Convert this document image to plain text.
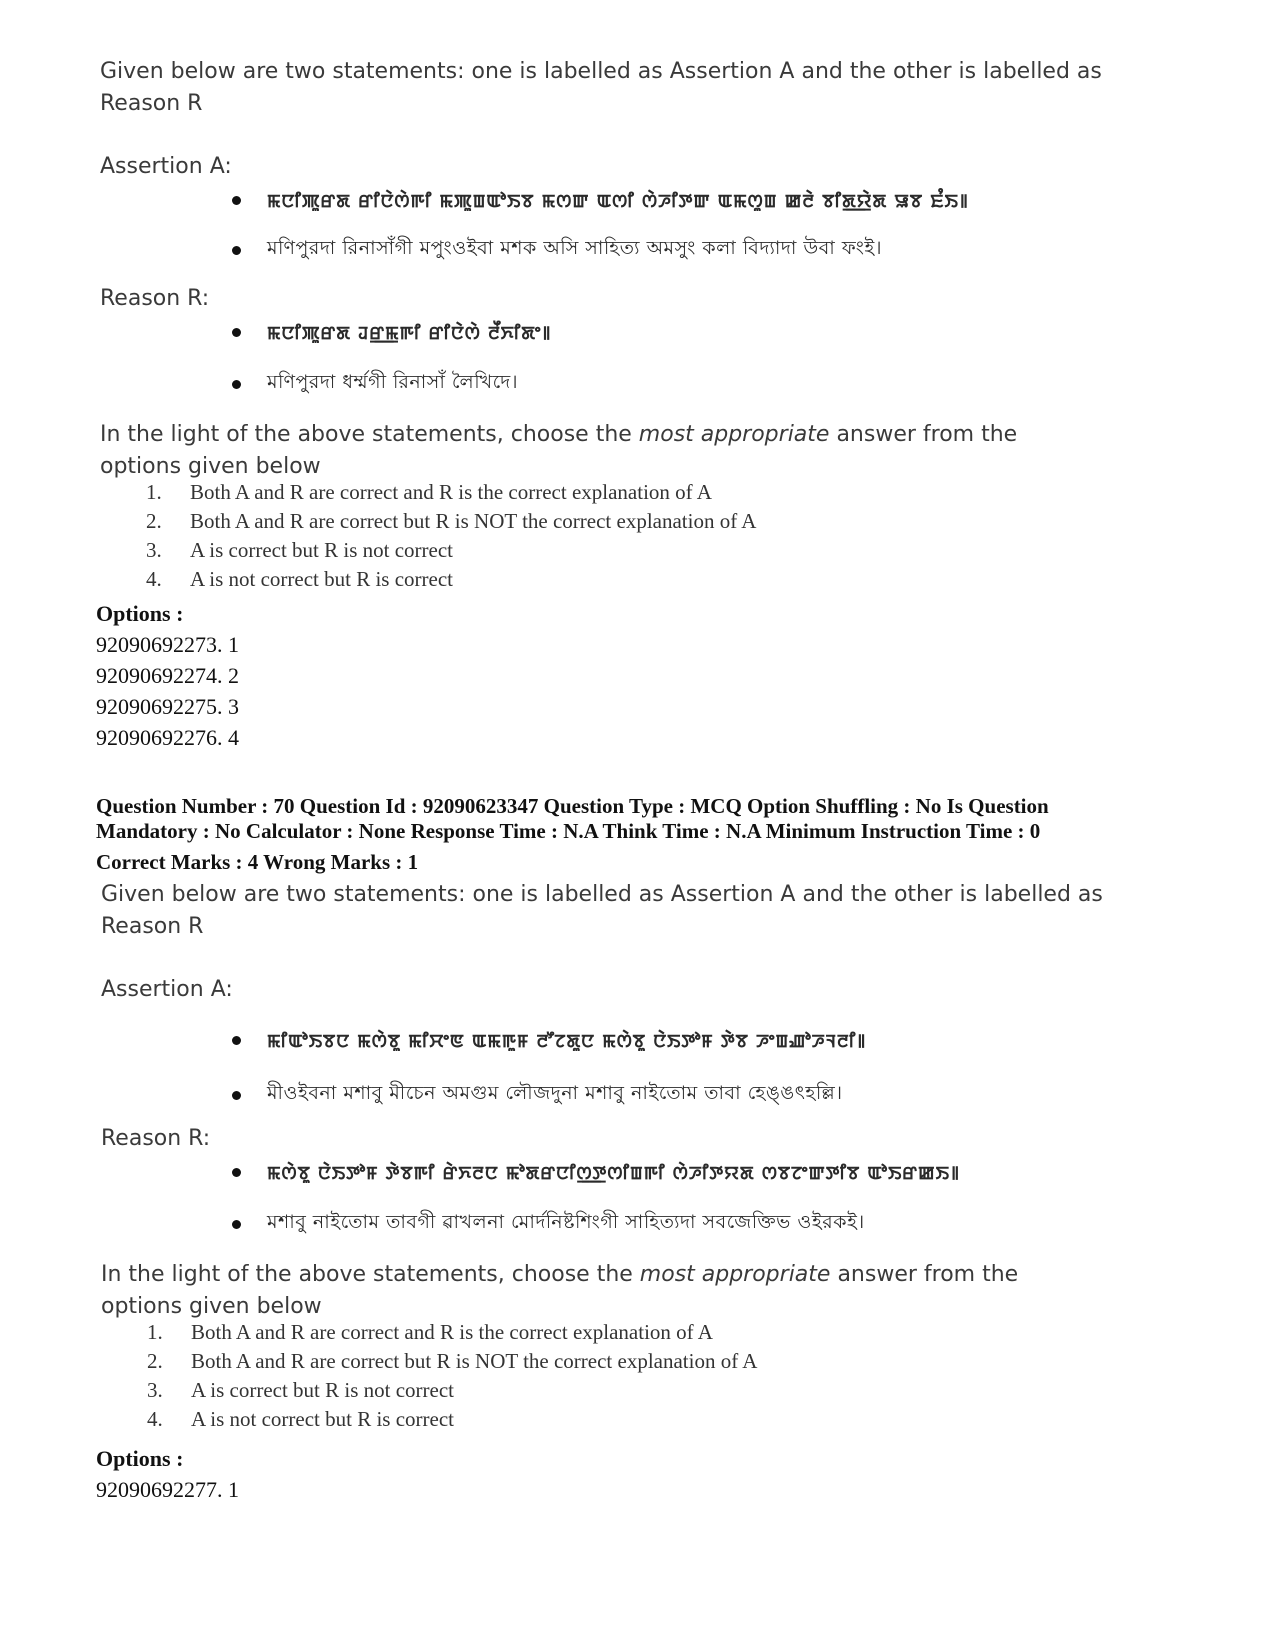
Given below are two statements: one is labelled as Assertion A and the other is labelled as Reason R
Assertion A:
ꯃꯅꯤꯄꯨꯔꯗ ꯔꯤꯅꯥꯁꯥꯒꯤ ꯃꯄꯨꯡꯑꯣꯏꯕ ꯃꯁꯛ ꯑꯁꯤ ꯁꯥꯍꯤꯇꯛ ꯑꯃꯁꯨꯡ ꯀꯂꯥ ꯕꯤꯗ꯭ꯌꯥꯗ ꯎꯕ ꯐꯪꯏ꯫
মণিপুরদা রিনাসাঁগী মপুংওইবা মশক অসি সাহিত্য অমসুং কলা বিদ্যাদা উবা ফংই।
Reason R:
ꯃꯅꯤꯄꯨꯔꯗ ꯙꯔ꯭ꯃꯒꯤ ꯔꯤꯅꯥꯁꯥ ꯂꯩꯈꯤꯗꯦ꯫
মণিপুরদা ধর্ম্মগী রিনাসাঁ লৈখিদে।
In the light of the above statements, choose the most appropriate answer from the options given below
1. Both A and R are correct and R is the correct explanation of A
2. Both A and R are correct but R is NOT the correct explanation of A
3. A is correct but R is not correct
4. A is not correct but R is correct
Options :
92090692273. 1
92090692274. 2
92090692275. 3
92090692276. 4
Question Number : 70 Question Id : 92090623347 Question Type : MCQ Option Shuffling : No Is Question
Mandatory : No Calculator : None Response Time : N.A Think Time : N.A Minimum Instruction Time : 0
Correct Marks : 4 Wrong Marks : 1
Given below are two statements: one is labelled as Assertion A and the other is labelled as Reason R
Assertion A:
ꯃꯤꯑꯣꯏꯕꯅ ꯃꯁꯥꯕꯨ ꯃꯤꯆꯦꯟ ꯑꯃꯒꯨꯝ ꯂꯧꯖꯗꯨꯅ ꯃꯁꯥꯕꯨ ꯅꯥꯏꯇꯣꯝ ꯇꯥꯕ ꯍꯦꯡꯉꯣꯍꯜꯂꯤ꯫
মীওইবনা মশাবু মীচেন অমগুম লৌজদুনা মশাবু নাইতোম তাবা হেঙ্ঙৎহল্লি।
Reason R:
ꯃꯁꯥꯕꯨ ꯅꯥꯏꯇꯣꯝ ꯇꯥꯕꯒꯤ ꯔꯥꯈꯂꯅ ꯃꯣꯗꯔꯅꯤꯁ꯭ꯇꯁꯤꯡꯒꯤ ꯁꯥꯍꯤꯇꯌꯗ ꯁꯕꯖꯦꯛꯇꯤꯕ ꯑꯣꯏꯔꯀꯏ꯫
মশাবু নাইতোম তাবগী ৱাখলনা মোর্দনিষ্টশিংগী সাহিত্যদা সবজেক্তিভ ওইরকই।
In the light of the above statements, choose the most appropriate answer from the options given below
1. Both A and R are correct and R is the correct explanation of A
2. Both A and R are correct but R is NOT the correct explanation of A
3. A is correct but R is not correct
4. A is not correct but R is correct
Options :
92090692277. 1
